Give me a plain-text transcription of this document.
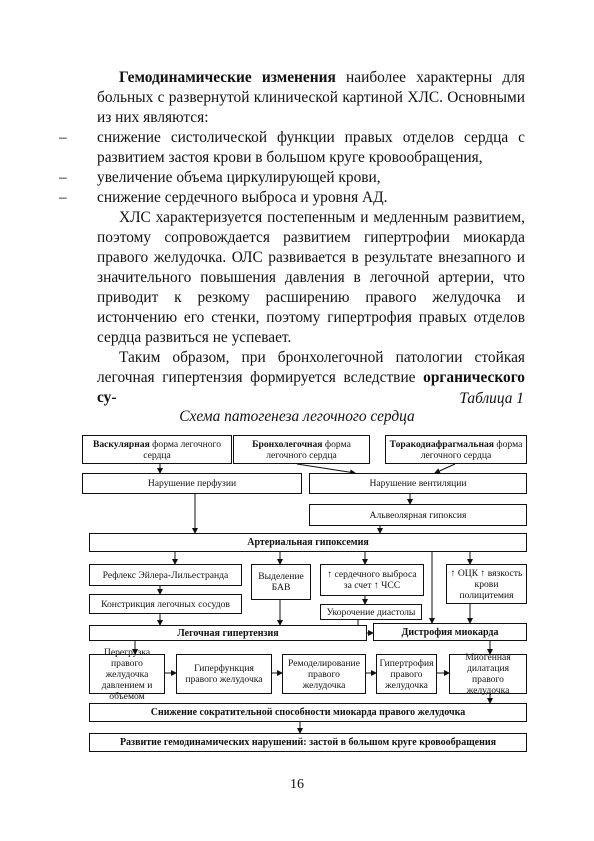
Гемодинамические изменения наиболее характерны для больных с развернутой клинической картиной ХЛС. Основными из них являются:

– снижение систолической функции правых отделов сердца с развитием застоя крови в большом круге кровообращения,
– увеличение объема циркулирующей крови,
– снижение сердечного выброса и уровня АД.

ХЛС характеризуется постепенным и медленным развитием, поэтому сопровождается развитием гипертрофии миокарда правого желудочка. ОЛС развивается в результате внезапного и значительного повышения давления в легочной артерии, что приводит к резкому расширению правого желудочка и истончению его стенки, поэтому гипертрофия правых отделов сердца развиться не успевает.

Таким образом, при бронхолегочной патологии стойкая легочная гипертензия формируется вследствие органического су-	Таблица 1
Схема патогенеза легочного сердца
Васкулярная форма легочного сердца
Бронхолегочная форма легочного сердца
Торакодиафрагмальная форма легочного сердца
Нарушение перфузии	Нарушение вентиляции
Альвеолярная гипоксия
Артериальная гипоксемия
Рефлекс Эйлера-Лильестранда	Выделение БАВ
↑ сердечного выброса за счет ↑ ЧСС
↑ ОЦК ↑ вязкость крови полицитемия
Констрикция легочных сосудов
Укорочение диастолы
Легочная гипертензия	Дистрофия миокарда
Перегрузка правого желудочка давлением и объемом
Гиперфункция правого желудочка
Ремоделирование правого желудочка
Гипертрофия правого желудочка
Миогенная дилатация правого желудочка
Снижение сократительной способности миокарда правого желудочка
Развитие гемодинамических нарушений: застой в большом круге кровообращения
16
